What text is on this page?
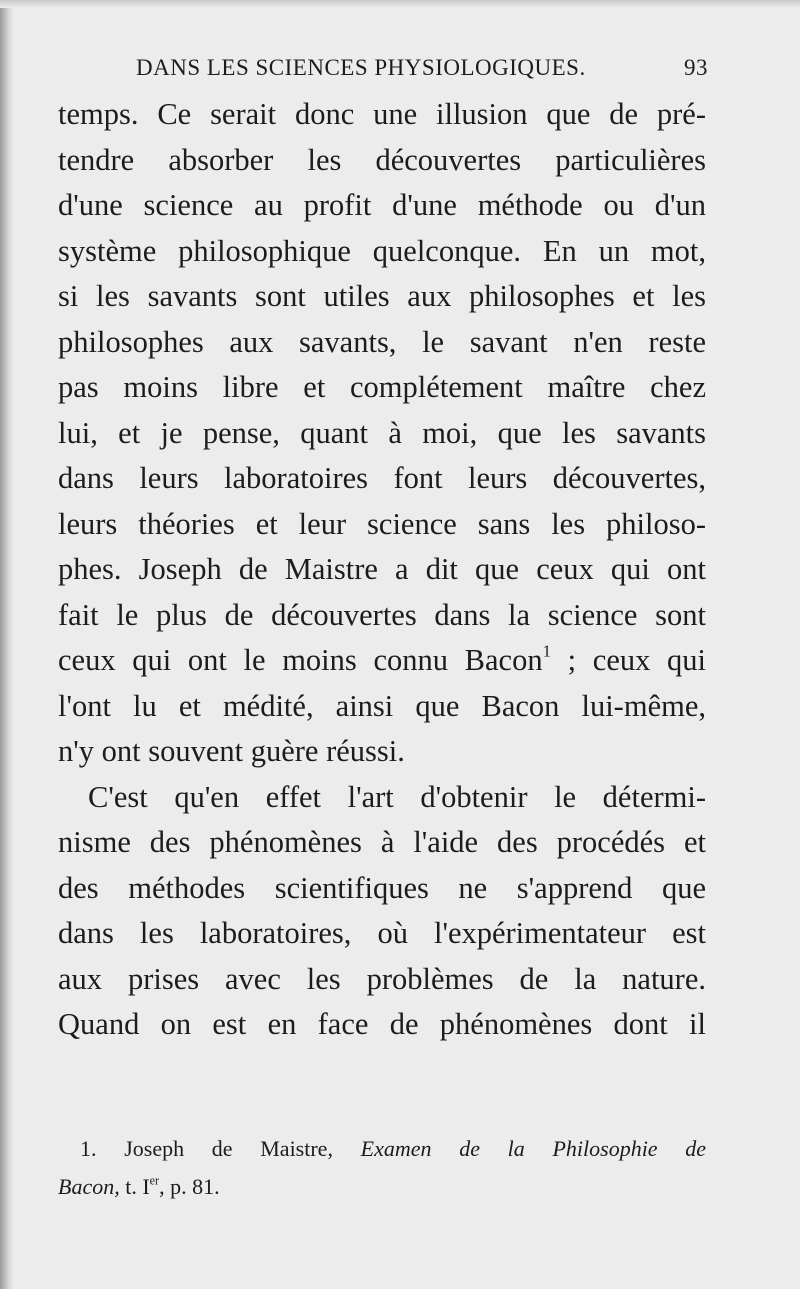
DANS LES SCIENCES PHYSIOLOGIQUES.	93
temps. Ce serait donc une illusion que de pré-
tendre absorber les découvertes particulières
d'une science au profit d'une méthode ou d'un
système philosophique quelconque. En un mot,
si les savants sont utiles aux philosophes et les
philosophes aux savants, le savant n'en reste
pas moins libre et complétement maître chez
lui, et je pense, quant à moi, que les savants
dans leurs laboratoires font leurs découvertes,
leurs théories et leur science sans les philoso-
phes. Joseph de Maistre a dit que ceux qui ont
fait le plus de découvertes dans la science sont
ceux qui ont le moins connu Bacon$^1$ ; ceux qui
l'ont lu et médité, ainsi que Bacon lui-même,
n'y ont souvent guère réussi.
C'est qu'en effet l'art d'obtenir le détermi-
nisme des phénomènes à l'aide des procédés et
des méthodes scientifiques ne s'apprend que
dans les laboratoires, où l'expérimentateur est
aux prises avec les problèmes de la nature.
Quand on est en face de phénomènes dont il
1. Joseph de Maistre, Examen de la Philosophie de
Bacon, t. Ier, p. 81.
